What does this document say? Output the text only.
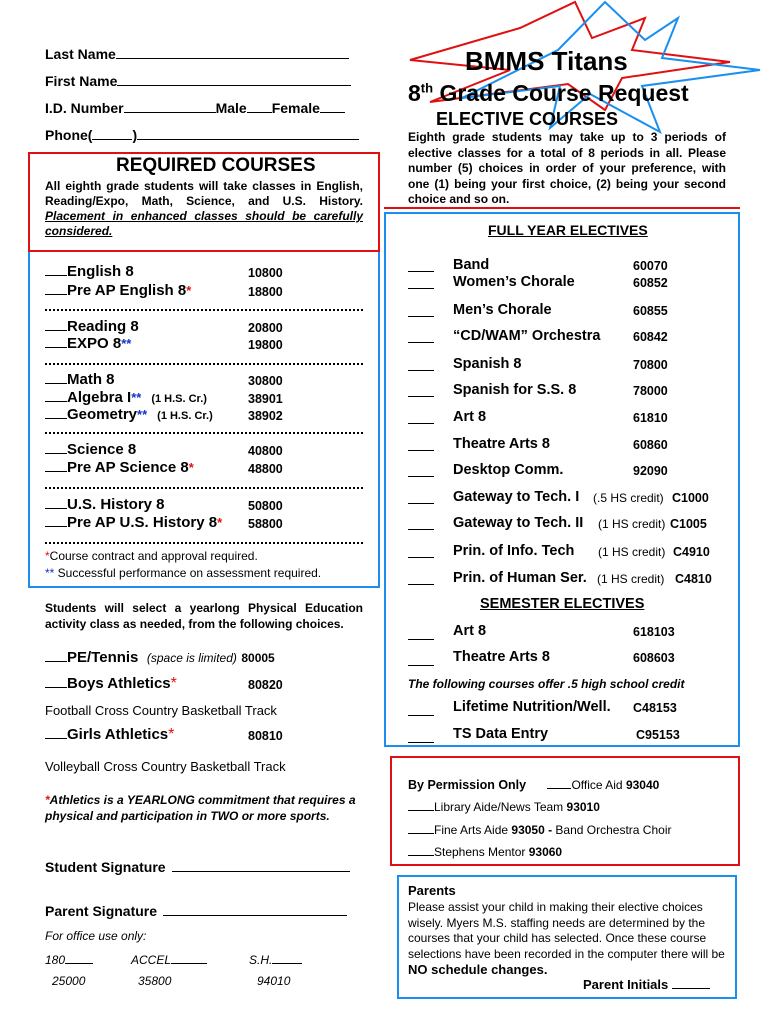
Last Name
First Name
I.D. Number	Male Female
Phone(	)
BMMS Titans
8th Grade Course Request
ELECTIVE COURSES
Eighth grade students may take up to 3 periods of elective classes for a total of 8 periods in all. Please number (5) choices in order of your preference, with one (1) being your first choice, (2) being your second choice and so on.
REQUIRED COURSES
All eighth grade students will take classes in English, Reading/Expo, Math, Science, and U.S. History. Placement in enhanced classes should be carefully considered.
English 8	10800
Pre AP English 8*	18800
Reading 8	20800
EXPO 8**	19800
Math 8	30800
Algebra I** (1 H.S. Cr.)	38901
Geometry** (1 H.S. Cr.)	38902
Science 8	40800
Pre AP Science 8*	48800
U.S. History 8	50800
Pre AP U.S. History 8* 58800
*Course contract and approval required.
** Successful performance on assessment required.
Students will select a yearlong Physical Education activity class as needed, from the following choices.
PE/Tennis (space is limited) 80005
Boys Athletics*	80820
Football Cross Country Basketball Track
Girls Athletics*	80810
Volleyball Cross Country Basketball Track
*Athletics is a YEARLONG commitment that requires a physical and participation in TWO or more sports.
Student Signature
Parent Signature
For office use only:
180	ACCEL	S.H.
25000	35800	94010
FULL YEAR ELECTIVES
Band	60070
Women’s Chorale	60852
Men’s Chorale	60855
“CD/WAM” Orchestra	60842
Spanish 8	70800
Spanish for S.S. 8	78000
Art 8	61810
Theatre Arts 8	60860
Desktop Comm.	92090
Gateway to Tech. I (.5 HS credit) C1000
Gateway to Tech. II (1 HS credit) C1005
Prin. of Info. Tech (1 HS credit) C4910
Prin. of Human Ser. (1 HS credit) C4810
SEMESTER ELECTIVES
Art 8	618103
Theatre Arts 8	608603
The following courses offer .5 high school credit
Lifetime Nutrition/Well. C48153
TS Data Entry	C95153
By Permission Only	Office Aid 93040
Library Aide/News Team 93010
Fine Arts Aide 93050 - Band Orchestra Choir
Stephens Mentor 93060
Parents
Please assist your child in making their elective choices wisely. Myers M.S. staffing needs are determined by the courses that your child has selected. Once these course selections have been recorded in the computer there will be NO schedule changes.
Parent Initials
